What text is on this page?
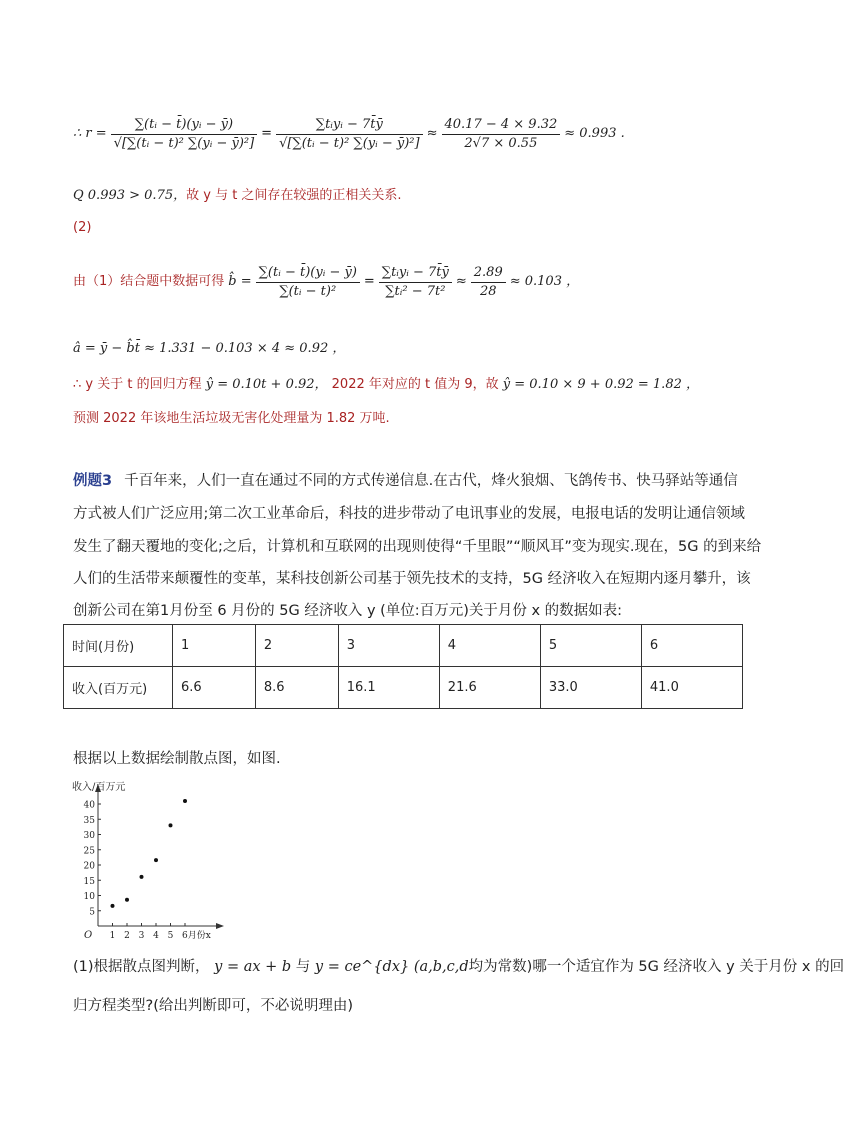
∴ $r = \frac{\text{∑(tᵢ − t̄)(yᵢ − ȳ)}}{\text{√[∑(tᵢ − t̄)² ∑(yᵢ − ȳ)²]}} = \frac{\text{∑tᵢyᵢ − 7t̄ȳ}}{\text{√[∑(tᵢ − t̄)² ∑(yᵢ − ȳ)²]}} \approx \frac{40.17 - 4 \times 9.32}{2√7 \times 0.55} \approx 0.993$ .
Q 0.993 > 0.75，故 y 与 t 之间存在较强的正相关关系.
(2)
由（1）结合题中数据可得 b̂ = $\frac{\text{∑(tᵢ − t̄)(yᵢ − ȳ)}}{\text{∑(tᵢ − t̄)²}} = \frac{\text{∑tᵢyᵢ − 7t̄ȳ}}{\text{∑tᵢ² − 7t̄²}} \approx \frac{2.89}{28} \approx 0.103$ ，
â = ȳ − b̂t̄ ≈ 1.331 − 0.103 × 4 ≈ 0.92 ，
∴ y 关于 t 的回归方程 ŷ = 0.10t + 0.92， 2022 年对应的 t 值为 9，故 ŷ = 0.10 × 9 + 0.92 = 1.82 ，
预测 2022 年该地生活垃圾无害化处理量为 1.82 万吨.
例题3 千百年来，人们一直在通过不同的方式传递信息.在古代，烽火狼烟、飞鸽传书、快马驿站等通信
方式被人们广泛应用;第二次工业革命后，科技的进步带动了电讯事业的发展，电报电话的发明让通信领域
发生了翻天覆地的变化;之后，计算机和互联网的出现则使得“千里眼”“顺风耳”变为现实.现在，5G 的到来给
人们的生活带来颠覆性的变革，某科技创新公司基于领先技术的支持，5G 经济收入在短期内逐月攀升，该
创新公司在第1月份至 6 月份的 5G 经济收入 y (单位:百万元)关于月份 x 的数据如表:
时间(月份)	1	2	3	4	5	6
收入(百万元)	6.6	8.6	16.1	21.6	33.0	41.0
根据以上数据绘制散点图，如图.
收入/百万元
O
5
10
15
20
25
30
35
40
1 2 3 4 5 6月份x
(1)根据散点图判断， y = ax + b 与 y = ce^{dx} (a,b,c,d均为常数)哪一个适宜作为 5G 经济收入 y 关于月份 x 的回
归方程类型?(给出判断即可，不必说明理由)
